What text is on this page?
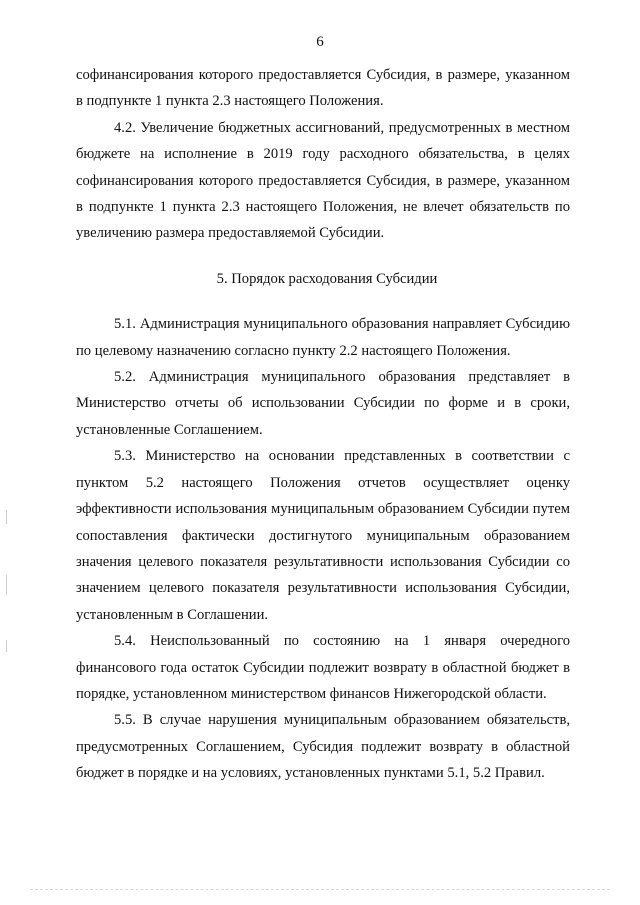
6

софинансирования которого предоставляется Субсидия, в размере, указанном в подпункте 1 пункта 2.3 настоящего Положения.

4.2. Увеличение бюджетных ассигнований, предусмотренных в местном бюджете на исполнение в 2019 году расходного обязательства, в целях софинансирования которого предоставляется Субсидия, в размере, указанном в подпункте 1 пункта 2.3 настоящего Положения, не влечет обязательств по увеличению размера предоставляемой Субсидии.

5. Порядок расходования Субсидии

5.1. Администрация муниципального образования направляет Субсидию по целевому назначению согласно пункту 2.2 настоящего Положения.

5.2. Администрация муниципального образования представляет в Министерство отчеты об использовании Субсидии по форме и в сроки, установленные Соглашением.

5.3. Министерство на основании представленных в соответствии с пунктом 5.2 настоящего Положения отчетов осуществляет оценку эффективности использования муниципальным образованием Субсидии путем сопоставления фактически достигнутого муниципальным образованием значения целевого показателя результативности использования Субсидии со значением целевого показателя результативности использования Субсидии, установленным в Соглашении.

5.4. Неиспользованный по состоянию на 1 января очередного финансового года остаток Субсидии подлежит возврату в областной бюджет в порядке, установленном министерством финансов Нижегородской области.

5.5. В случае нарушения муниципальным образованием обязательств, предусмотренных Соглашением, Субсидия подлежит возврату в областной бюджет в порядке и на условиях, установленных пунктами 5.1, 5.2 Правил.
